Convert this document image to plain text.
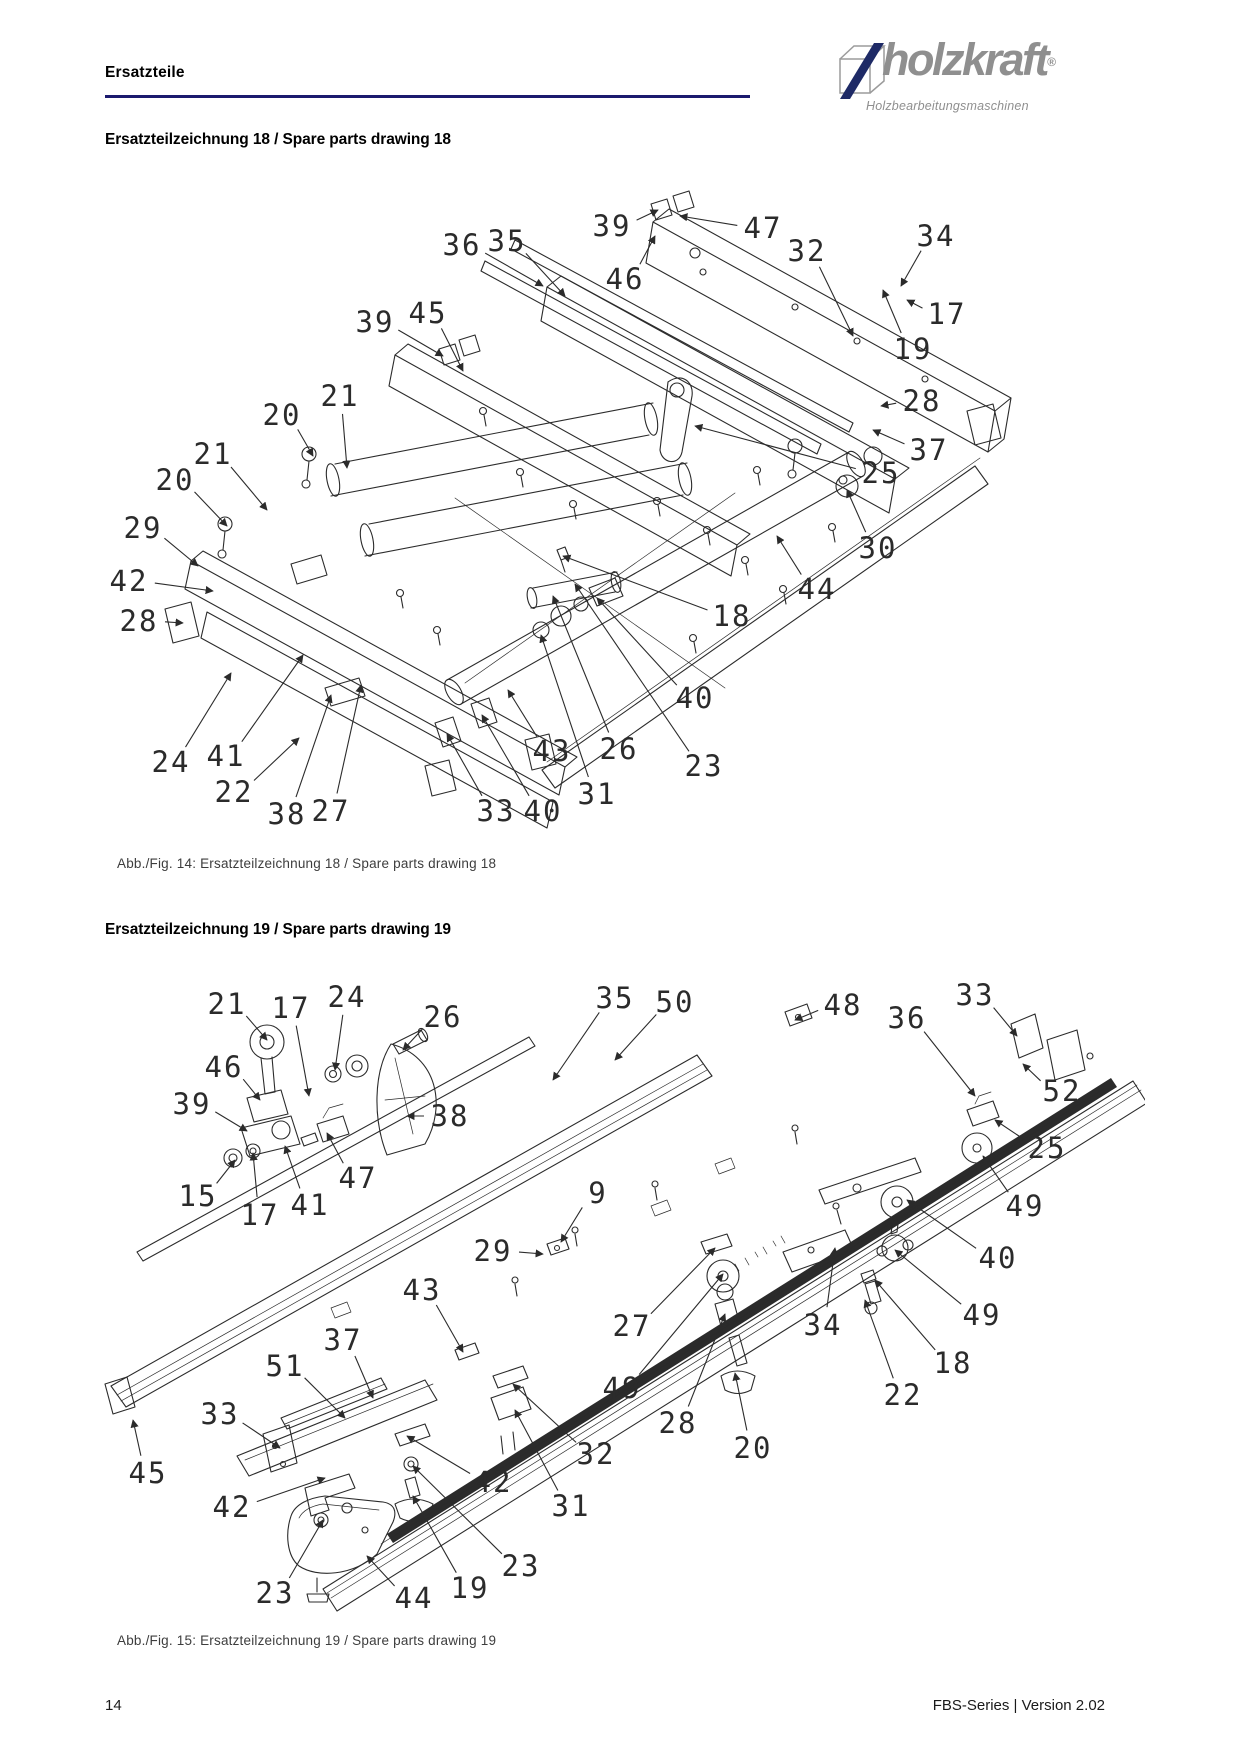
Ersatzteile	holzkraft®
Holzbearbeitungsmaschinen
Ersatzteilzeichnung 18 / Spare parts drawing 18
39	47
46
36 35	32	34
17
19
39 45
21
20
21
20
29
42
28
24 41
22
38 27	33 40 31
43 26 23
40
18
25
28
37
30
44
Abb./Fig. 14: Ersatzteilzeichnung 18 / Spare parts drawing 18
Ersatzteilzeichnung 19 / Spare parts drawing 19
21 17 24
26
46
39
15
17 41
47
38
35 50	48	33
36
52
25
49
9
29	40
49
34
18
22
27
49
28
20
43
37
51
33
45
42
23	44 19
23
42
31
32
Abb./Fig. 15: Ersatzteilzeichnung 19 / Spare parts drawing 19
14	FBS-Series | Version 2.02
